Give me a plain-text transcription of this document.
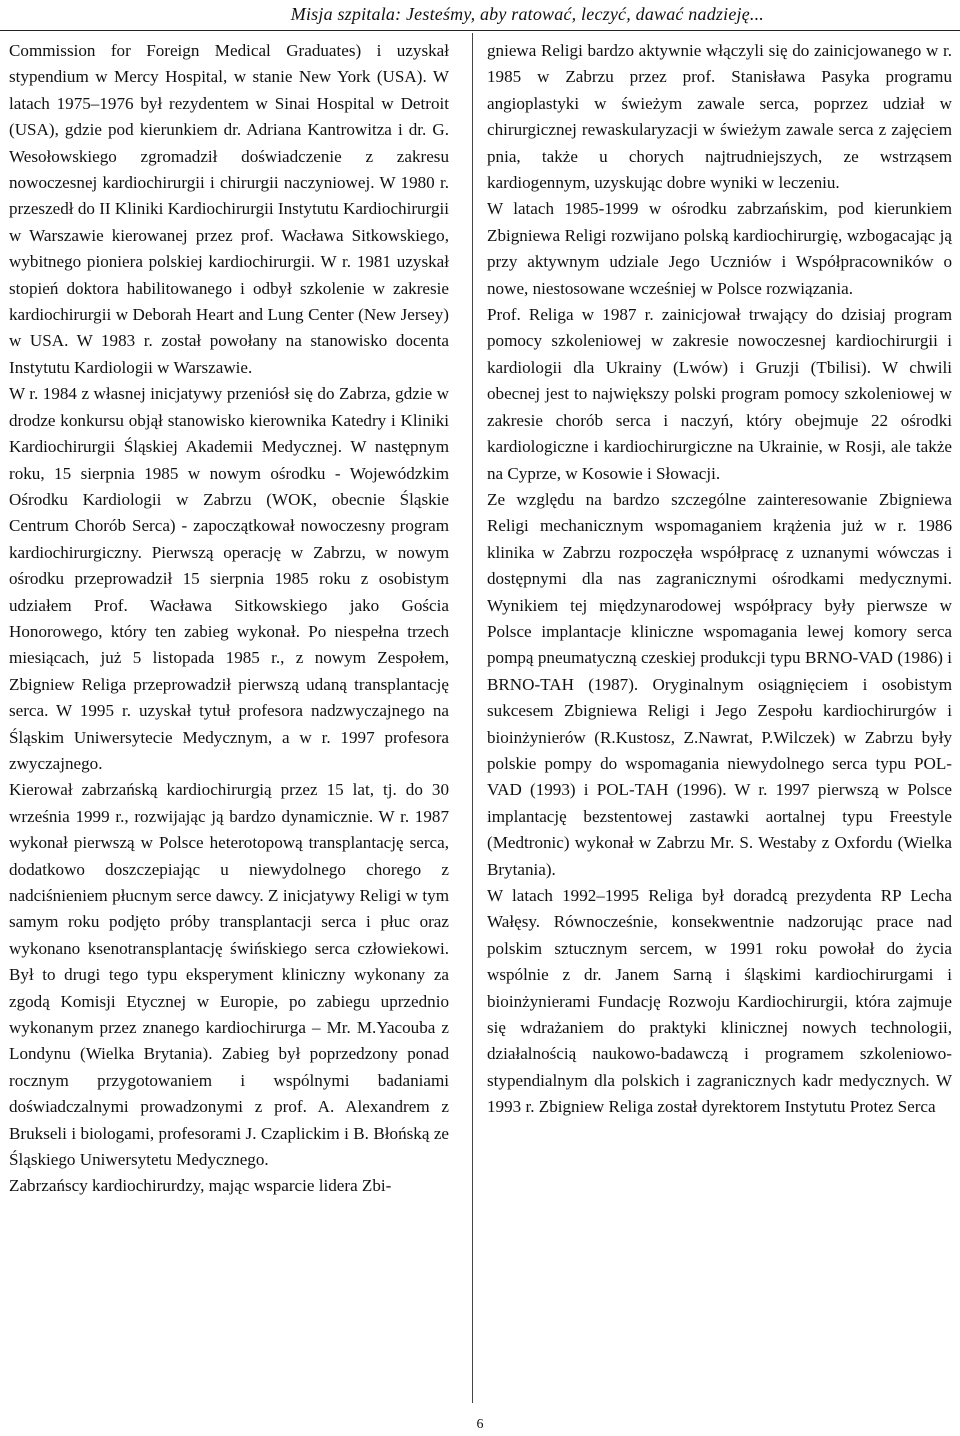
Misja szpitala: Jesteśmy, aby ratować, leczyć, dawać nadzieję...

Commission for Foreign Medical Graduates) i uzyskał stypendium w Mercy Hospital, w stanie New York (USA). W latach 1975–1976 był rezydentem w Sinai Hospital w Detroit (USA), gdzie pod kierunkiem dr. Adriana Kantrowitza i dr. G. Wesołowskiego zgromadził doświadczenie z zakresu nowoczesnej kardiochirurgii i chirurgii naczyniowej. W 1980 r. przeszedł do II Kliniki Kardiochirurgii Instytutu Kardiochirurgii w Warszawie kierowanej przez prof. Wacława Sitkowskiego, wybitnego pioniera polskiej kardiochirurgii. W r. 1981 uzyskał stopień doktora habilitowanego i odbył szkolenie w zakresie kardiochirurgii w Deborah Heart and Lung Center (New Jersey) w USA. W 1983 r. został powołany na stanowisko docenta Instytutu Kardiologii w Warszawie.

W r. 1984 z własnej inicjatywy przeniósł się do Zabrza, gdzie w drodze konkursu objął stanowisko kierownika Katedry i Kliniki Kardiochirurgii Śląskiej Akademii Medycznej. W następnym roku, 15 sierpnia 1985 w nowym ośrodku - Wojewódzkim Ośrodku Kardiologii w Zabrzu (WOK, obecnie Śląskie Centrum Chorób Serca) - zapoczątkował nowoczesny program kardiochirurgiczny. Pierwszą operację w Zabrzu, w nowym ośrodku przeprowadził 15 sierpnia 1985 roku z osobistym udziałem Prof. Wacława Sitkowskiego jako Gościa Honorowego, który ten zabieg wykonał. Po niespełna trzech miesiącach, już 5 listopada 1985 r., z nowym Zespołem, Zbigniew Religa przeprowadził pierwszą udaną transplantację serca. W 1995 r. uzyskał tytuł profesora nadzwyczajnego na Śląskim Uniwersytecie Medycznym, a w r. 1997 profesora zwyczajnego.

Kierował zabrzańską kardiochirurgią przez 15 lat, tj. do 30 września 1999 r., rozwijając ją bardzo dynamicznie. W r. 1987 wykonał pierwszą w Polsce heterotopową transplantację serca, dodatkowo doszczepiając u niewydolnego chorego z nadciśnieniem płucnym serce dawcy. Z inicjatywy Religi w tym samym roku podjęto próby transplantacji serca i płuc oraz wykonano ksenotransplantację świńskiego serca człowiekowi. Był to drugi tego typu eksperyment kliniczny wykonany za zgodą Komisji Etycznej w Europie, po zabiegu uprzednio wykonanym przez znanego kardiochirurga – Mr. M.Yacouba z Londynu (Wielka Brytania). Zabieg był poprzedzony ponad rocznym przygotowaniem i wspólnymi badaniami doświadczalnymi prowadzonymi z prof. A. Alexandrem z Brukseli i biologami, profesorami J. Czaplickim i B. Błońską ze Śląskiego Uniwersytetu Medycznego.

Zabrzańscy kardiochirurdzy, mając wsparcie lidera Zbi-

gniewa Religi bardzo aktywnie włączyli się do zainicjowanego w r. 1985 w Zabrzu przez prof. Stanisława Pasyka programu angioplastyki w świeżym zawale serca, poprzez udział w chirurgicznej rewaskularyzacji w świeżym zawale serca z zajęciem pnia, także u chorych najtrudniejszych, ze wstrząsem kardiogennym, uzyskując dobre wyniki w leczeniu.

W latach 1985-1999 w ośrodku zabrzańskim, pod kierunkiem Zbigniewa Religi rozwijano polską kardiochirurgię, wzbogacając ją przy aktywnym udziale Jego Uczniów i Współpracowników o nowe, niestosowane wcześniej w Polsce rozwiązania.

Prof. Religa w 1987 r. zainicjował trwający do dzisiaj program pomocy szkoleniowej w zakresie nowoczesnej kardiochirurgii i kardiologii dla Ukrainy (Lwów) i Gruzji (Tbilisi). W chwili obecnej jest to największy polski program pomocy szkoleniowej w zakresie chorób serca i naczyń, który obejmuje 22 ośrodki kardiologiczne i kardiochirurgiczne na Ukrainie, w Rosji, ale także na Cyprze, w Kosowie i Słowacji.

Ze względu na bardzo szczególne zainteresowanie Zbigniewa Religi mechanicznym wspomaganiem krążenia już w r. 1986 klinika w Zabrzu rozpoczęła współpracę z uznanymi wówczas i dostępnymi dla nas zagranicznymi ośrodkami medycznymi. Wynikiem tej międzynarodowej współpracy były pierwsze w Polsce implantacje kliniczne wspomagania lewej komory serca pompą pneumatyczną czeskiej produkcji typu BRNO-VAD (1986) i BRNO-TAH (1987). Oryginalnym osiągnięciem i osobistym sukcesem Zbigniewa Religi i Jego Zespołu kardiochirurgów i bioinżynierów (R.Kustosz, Z.Nawrat, P.Wilczek) w Zabrzu były polskie pompy do wspomagania niewydolnego serca typu POL-VAD (1993) i POL-TAH (1996). W r. 1997 pierwszą w Polsce implantację bezstentowej zastawki aortalnej typu Freestyle (Medtronic) wykonał w Zabrzu Mr. S. Westaby z Oxfordu (Wielka Brytania).

W latach 1992–1995 Religa był doradcą prezydenta RP Lecha Wałęsy. Równocześnie, konsekwentnie nadzorując prace nad polskim sztucznym sercem, w 1991 roku powołał do życia wspólnie z dr. Janem Sarną i śląskimi kardiochirurgami i bioinżynierami Fundację Rozwoju Kardiochirurgii, która zajmuje się wdrażaniem do praktyki klinicznej nowych technologii, działalnością naukowo-badawczą i programem szkoleniowo-stypendialnym dla polskich i zagranicznych kadr medycznych. W 1993 r. Zbigniew Religa został dyrektorem Instytutu Protez Serca

6
